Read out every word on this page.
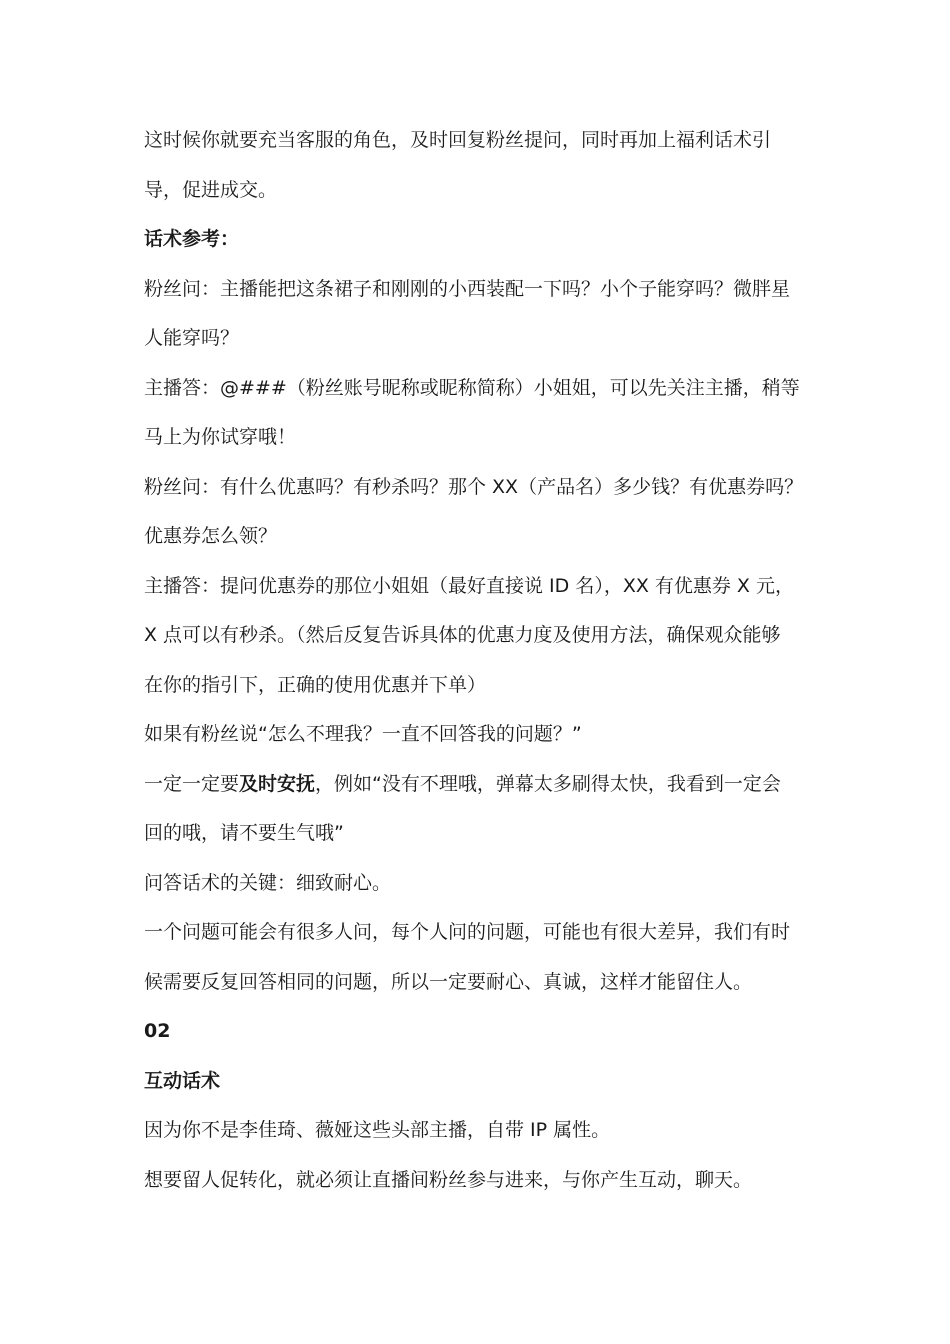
这时候你就要充当客服的角色，及时回复粉丝提问，同时再加上福利话术引
导，促进成交。
话术参考：
粉丝问：主播能把这条裙子和刚刚的小西装配一下吗？小个子能穿吗？微胖星
人能穿吗？
主播答：@###（粉丝账号昵称或昵称简称）小姐姐，可以先关注主播，稍等
马上为你试穿哦！
粉丝问：有什么优惠吗？有秒杀吗？那个 XX（产品名）多少钱？有优惠券吗？
优惠券怎么领？
主播答：提问优惠券的那位小姐姐（最好直接说 ID 名），XX 有优惠券 X 元，
X 点可以有秒杀。（然后反复告诉具体的优惠力度及使用方法，确保观众能够
在你的指引下，正确的使用优惠并下单）
如果有粉丝说“怎么不理我？一直不回答我的问题？”
一定一定要及时安抚，例如“没有不理哦，弹幕太多刷得太快，我看到一定会
回的哦，请不要生气哦”
问答话术的关键：细致耐心。
一个问题可能会有很多人问，每个人问的问题，可能也有很大差异，我们有时
候需要反复回答相同的问题，所以一定要耐心、真诚，这样才能留住人。
02
互动话术
因为你不是李佳琦、薇娅这些头部主播，自带 IP 属性。
想要留人促转化，就必须让直播间粉丝参与进来，与你产生互动，聊天。
